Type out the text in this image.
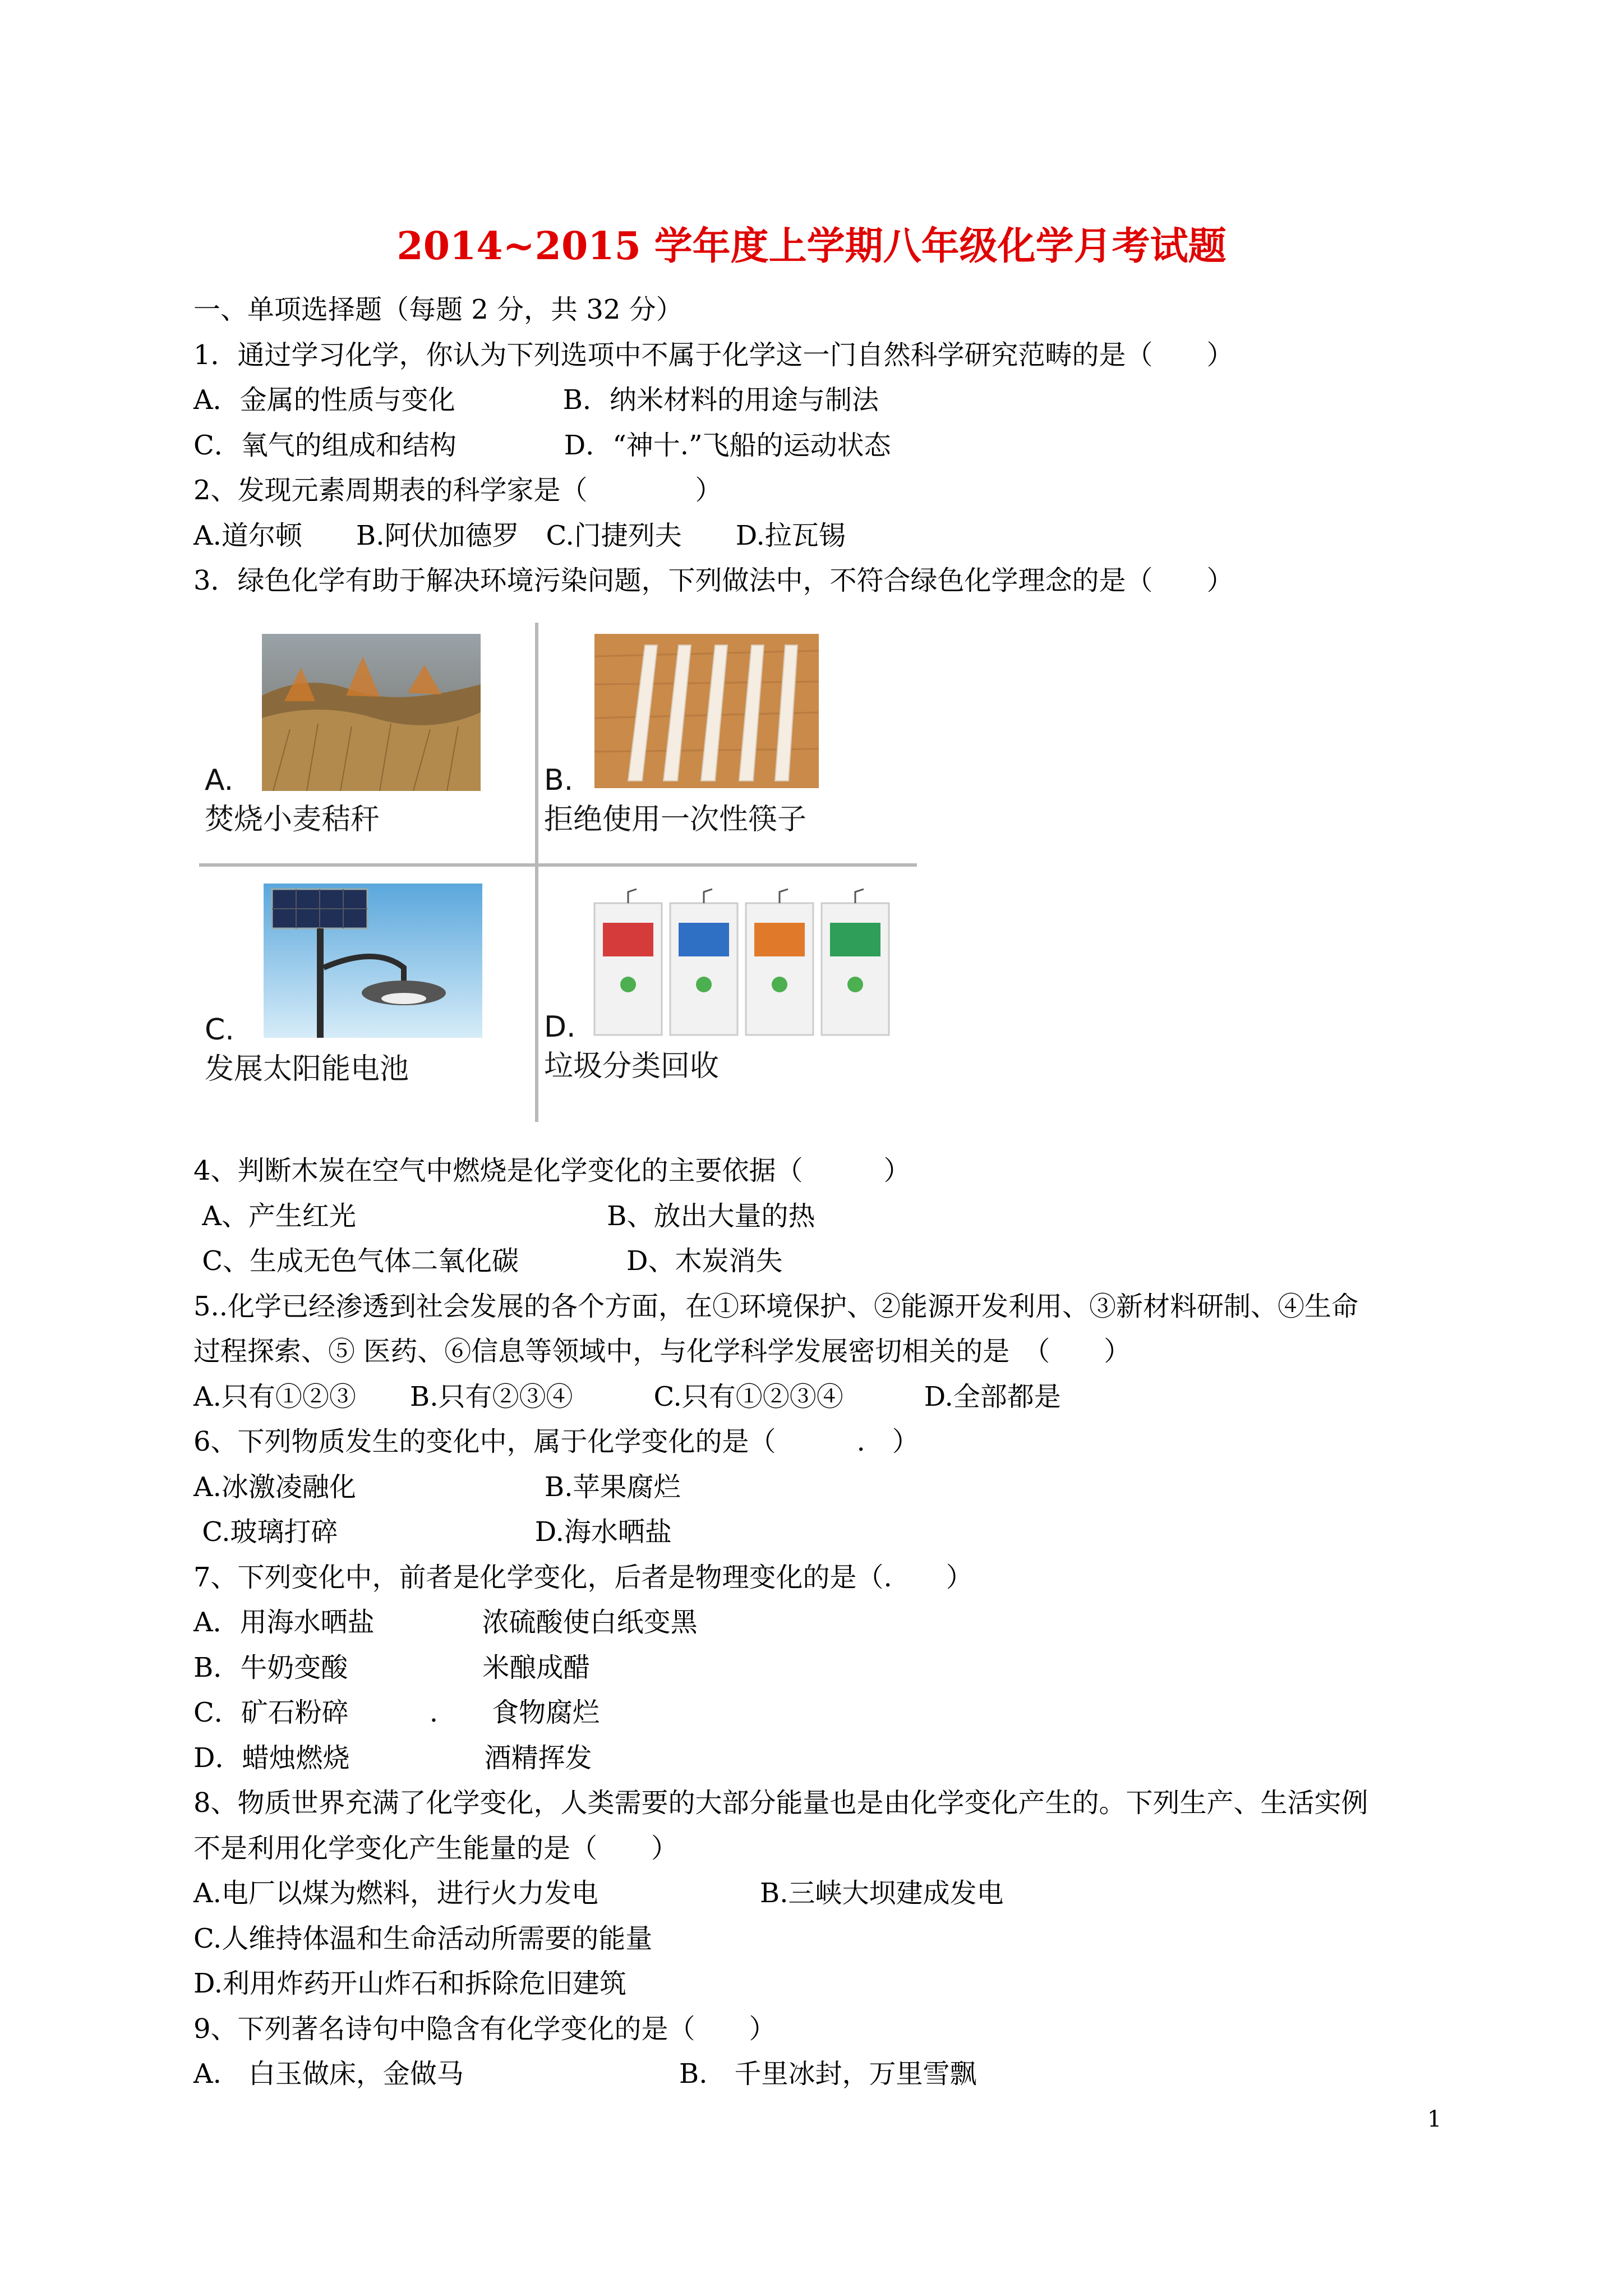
2014~2015 学年度上学期八年级化学月考试题
一、单项选择题（每题 2 分，共 32 分）
1．通过学习化学，你认为下列选项中不属于化学这一门自然科学研究范畴的是（　　）
A．金属的性质与变化　　　　B．纳米材料的用途与制法
C．氧气的组成和结构　　　　D．“神十.”飞船的运动状态
2、发现元素周期表的科学家是（　　　　）
A.道尔顿　　B.阿伏加德罗　C.门捷列夫　　D.拉瓦锡
3．绿色化学有助于解决环境污染问题，下列做法中，不符合绿色化学理念的是（　　）
A.
焚烧小麦秸秆
B.
拒绝使用一次性筷子
C.
发展太阳能电池
D.
垃圾分类回收
4、判断木炭在空气中燃烧是化学变化的主要依据（　　　）
A、产生红光　　　　　　　　　 B、放出大量的热
C、生成无色气体二氧化碳　　　　D、木炭消失
5..化学已经渗透到社会发展的各个方面，在①环境保护、②能源开发利用、③新材料研制、④生命
过程探索、⑤ 医药、⑥信息等领域中，与化学科学发展密切相关的是　（　　）
A.只有①②③　　B.只有②③④　　　C.只有①②③④　　　D.全部都是
6、下列物质发生的变化中，属于化学变化的是（　　　.　）
A.冰激凌融化　　　　　　　B.苹果腐烂
C.玻璃打碎　　　　　　　 D.海水晒盐
7、下列变化中，前者是化学变化，后者是物理变化的是（.　　）
A．用海水晒盐　　　　浓硫酸使白纸变黑
B．牛奶变酸　　　　　米酿成醋
C．矿石粉碎　　　.　　食物腐烂
D．蜡烛燃烧　　　　　酒精挥发
8、物质世界充满了化学变化，人类需要的大部分能量也是由化学变化产生的。下列生产、生活实例
不是利用化学变化产生能量的是（　　）
A.电厂以煤为燃料，进行火力发电　　　　　　B.三峡大坝建成发电
C.人维持体温和生命活动所需要的能量
D.利用炸药开山炸石和拆除危旧建筑
9、下列著名诗句中隐含有化学变化的是（　　）
A.　白玉做床，金做马　　　　　　　　B.　千里冰封，万里雪飘
1
